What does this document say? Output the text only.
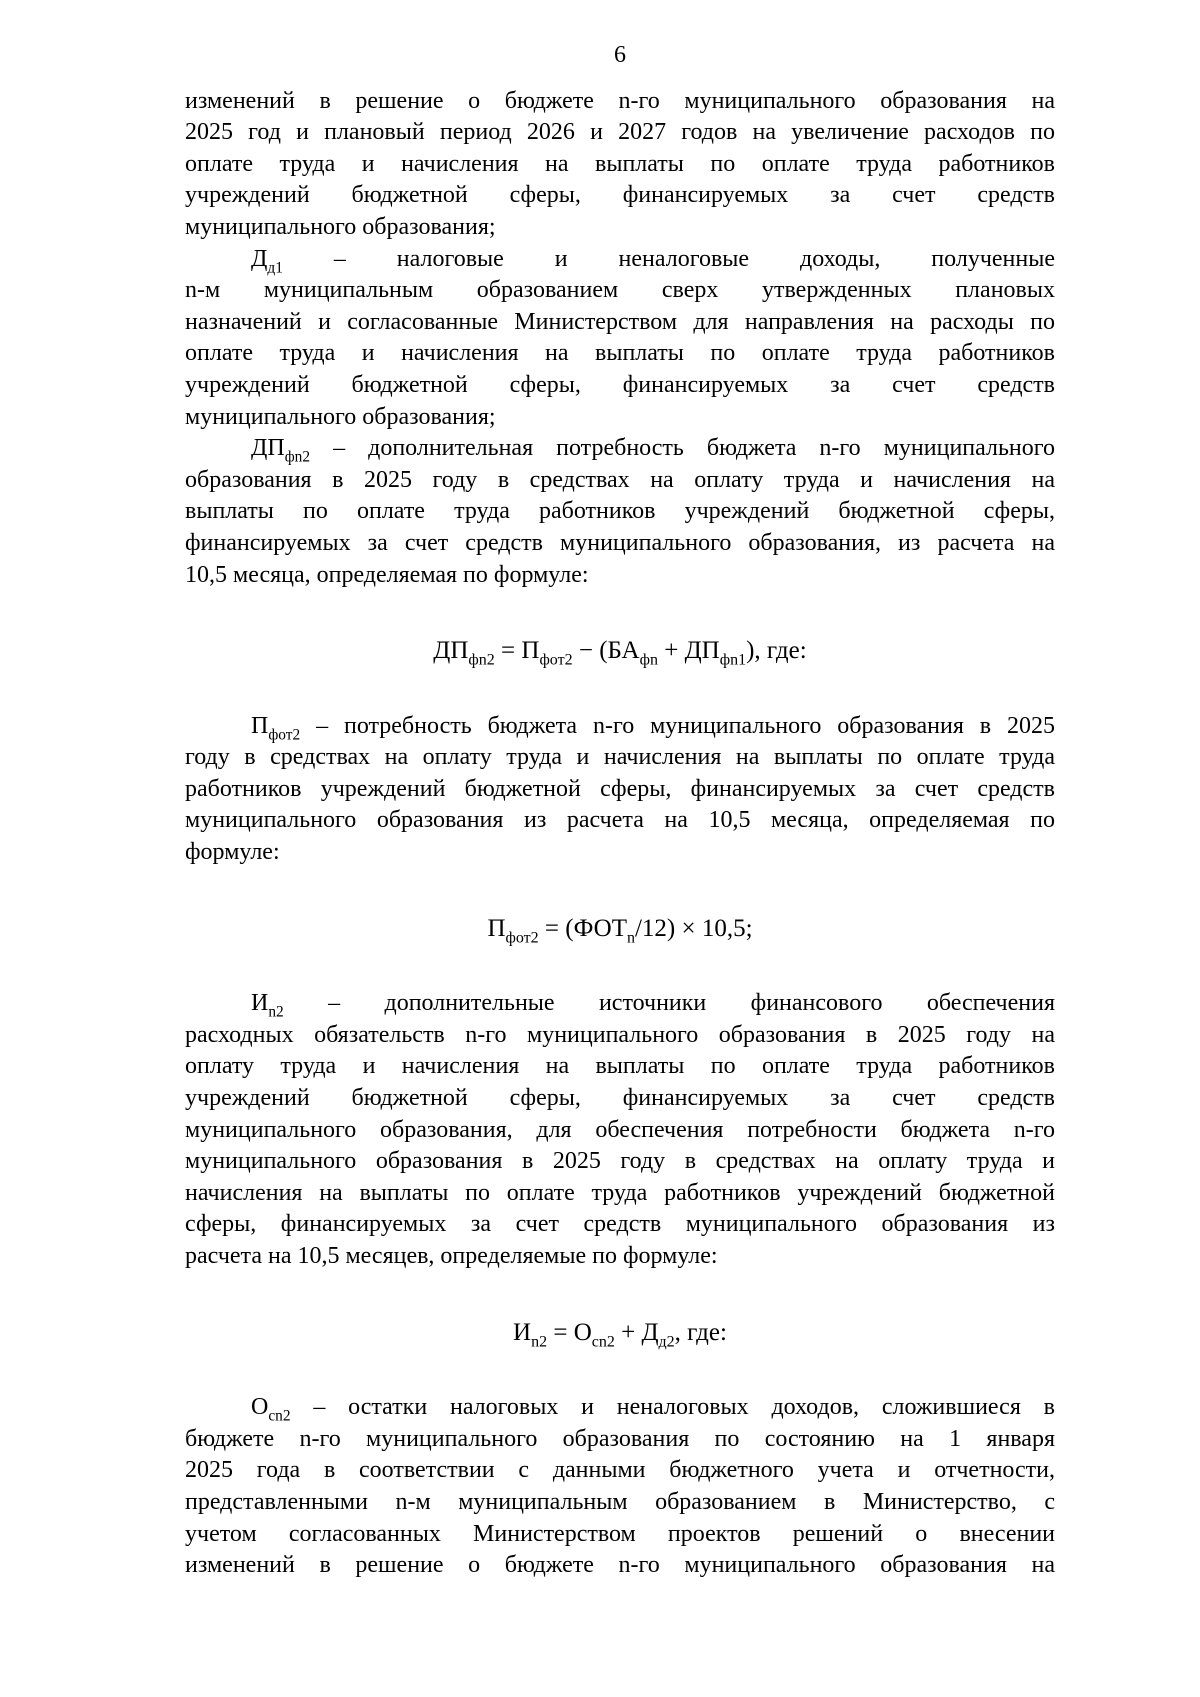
6
изменений в решение о бюджете n-го муниципального образования на
2025 год и плановый период 2026 и 2027 годов на увеличение расходов по
оплате труда и начисления на выплаты по оплате труда работников
учреждений бюджетной сферы, финансируемых за счет средств
муниципального образования;
$Д_{д1}$ – налоговые и неналоговые доходы, полученные
n-м муниципальным образованием сверх утвержденных плановых
назначений и согласованные Министерством для направления на расходы по
оплате труда и начисления на выплаты по оплате труда работников
учреждений бюджетной сферы, финансируемых за счет средств
муниципального образования;
$ДП_{фn2}$ – дополнительная потребность бюджета n-го муниципального
образования в 2025 году в средствах на оплату труда и начисления на
выплаты по оплате труда работников учреждений бюджетной сферы,
финансируемых за счет средств муниципального образования, из расчета на
10,5 месяца, определяемая по формуле:
$ДП_{фn2} = П_{фот2} - (БА_{фn} + ДП_{фn1})$, где:
$П_{фот2}$ – потребность бюджета n-го муниципального образования в 2025
году в средствах на оплату труда и начисления на выплаты по оплате труда
работников учреждений бюджетной сферы, финансируемых за счет средств
муниципального образования из расчета на 10,5 месяца, определяемая по
формуле:
$П_{фот2} = (ФОТ_n/12) \times 10,5$;
$И_{n2}$ – дополнительные источники финансового обеспечения
расходных обязательств n-го муниципального образования в 2025 году на
оплату труда и начисления на выплаты по оплате труда работников
учреждений бюджетной сферы, финансируемых за счет средств
муниципального образования, для обеспечения потребности бюджета n-го
муниципального образования в 2025 году в средствах на оплату труда и
начисления на выплаты по оплате труда работников учреждений бюджетной
сферы, финансируемых за счет средств муниципального образования из
расчета на 10,5 месяцев, определяемые по формуле:
$И_{n2} = О_{сn2} + Д_{д2}$, где:
$О_{сn2}$ – остатки налоговых и неналоговых доходов, сложившиеся в
бюджете n-го муниципального образования по состоянию на 1 января
2025 года в соответствии с данными бюджетного учета и отчетности,
представленными n-м муниципальным образованием в Министерство, с
учетом согласованных Министерством проектов решений о внесении
изменений в решение о бюджете n-го муниципального образования на
